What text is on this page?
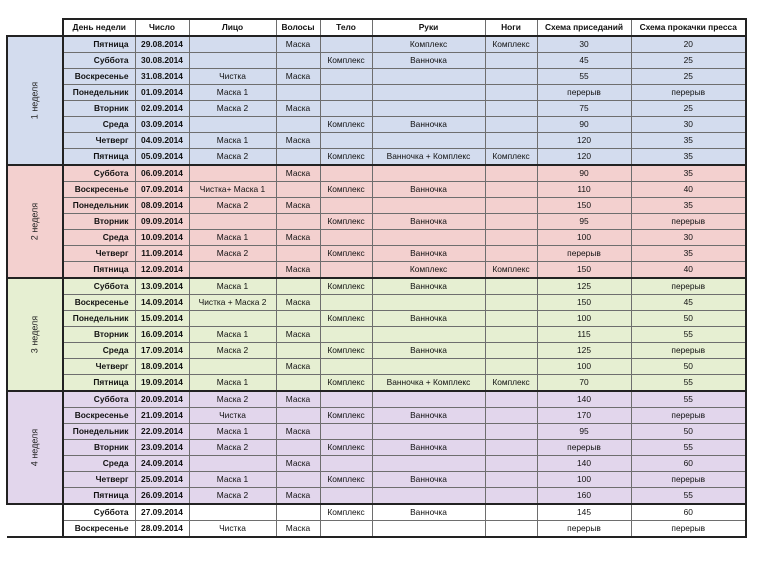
	День недели	Число	Лицо	Волосы	Тело	Руки	Ноги	Схема приседаний	Схема прокачки пресса

1 неделя	Пятница	29.08.2014		Маска		Комплекс	Комплекс	30	20
	Суббота	30.08.2014			Комплекс	Ванночка		45	25
	Воскресенье	31.08.2014	Чистка	Маска				55	25
	Понедельник	01.09.2014	Маска 1					перерыв	перерыв
	Вторник	02.09.2014	Маска 2	Маска				75	25
	Среда	03.09.2014			Комплекс	Ванночка		90	30
	Четверг	04.09.2014	Маска 1	Маска				120	35
	Пятница	05.09.2014	Маска 2		Комплекс	Ванночка + Комплекс	Комплекс	120	35

2 неделя	Суббота	06.09.2014		Маска				90	35
	Воскресенье	07.09.2014	Чистка+ Маска 1		Комплекс	Ванночка		110	40
	Понедельник	08.09.2014	Маска 2	Маска				150	35
	Вторник	09.09.2014			Комплекс	Ванночка		95	перерыв
	Среда	10.09.2014	Маска 1	Маска				100	30
	Четверг	11.09.2014	Маска 2		Комплекс	Ванночка		перерыв	35
	Пятница	12.09.2014		Маска		Комплекс	Комплекс	150	40

3 неделя	Суббота	13.09.2014	Маска 1		Комплекс	Ванночка		125	перерыв
	Воскресенье	14.09.2014	Чистка + Маска 2	Маска				150	45
	Понедельник	15.09.2014			Комплекс	Ванночка		100	50
	Вторник	16.09.2014	Маска 1	Маска				115	55
	Среда	17.09.2014	Маска 2		Комплекс	Ванночка		125	перерыв
	Четверг	18.09.2014		Маска				100	50
	Пятница	19.09.2014	Маска 1		Комплекс	Ванночка + Комплекс	Комплекс	70	55

4 неделя	Суббота	20.09.2014	Маска 2	Маска				140	55
	Воскресенье	21.09.2014	Чистка		Комплекс	Ванночка		170	перерыв
	Понедельник	22.09.2014	Маска 1	Маска				95	50
	Вторник	23.09.2014	Маска 2		Комплекс	Ванночка		перерыв	55
	Среда	24.09.2014		Маска				140	60
	Четверг	25.09.2014	Маска 1		Комплекс	Ванночка		100	перерыв
	Пятница	26.09.2014	Маска 2	Маска				160	55
	Суббота	27.09.2014			Комплекс	Ванночка		145	60
	Воскресенье	28.09.2014	Чистка	Маска				перерыв	перерыв
